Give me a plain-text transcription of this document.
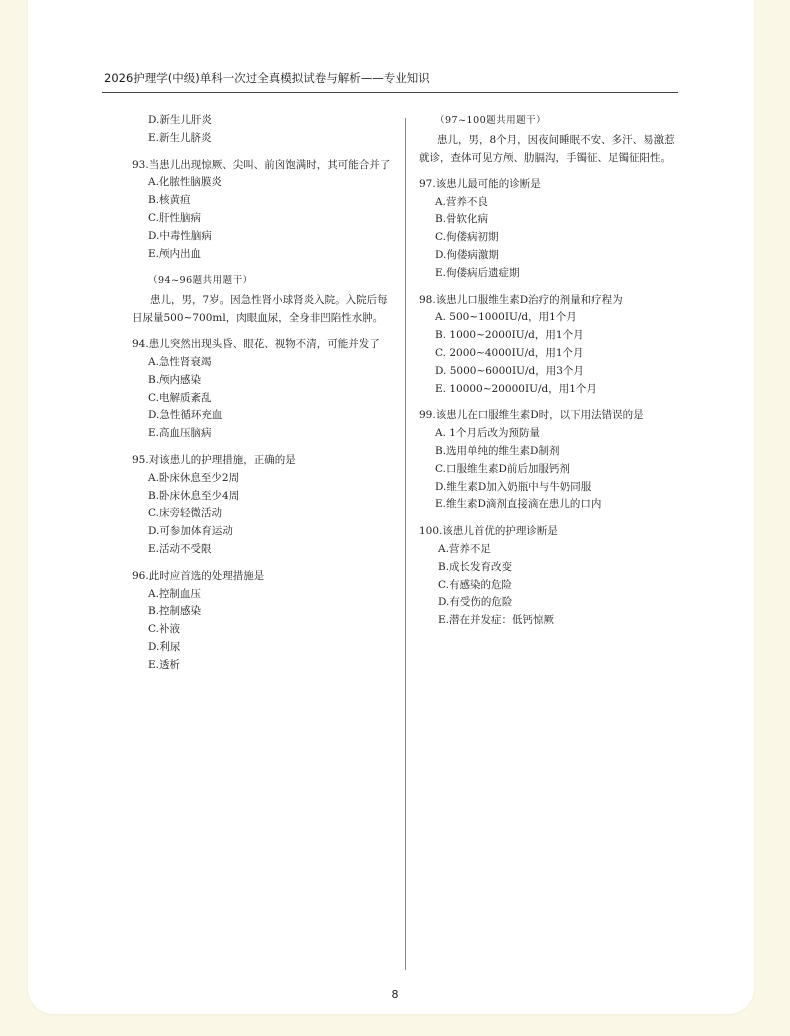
2026护理学(中级)单科一次过全真模拟试卷与解析——专业知识
D.新生儿肝炎
E.新生儿脐炎
93.当患儿出现惊厥、尖叫、前囟饱满时，其可能合并了
A.化脓性脑膜炎
B.核黄疸
C.肝性脑病
D.中毒性脑病
E.颅内出血
（94~96题共用题干）
患儿，男，7岁。因急性肾小球肾炎入院。入院后每日尿量500~700ml，肉眼血尿，全身非凹陷性水肿。
94.患儿突然出现头昏、眼花、视物不清，可能并发了
A.急性肾衰竭
B.颅内感染
C.电解质紊乱
D.急性循环充血
E.高血压脑病
95.对该患儿的护理措施，正确的是
A.卧床休息至少2周
B.卧床休息至少4周
C.床旁轻微活动
D.可参加体育运动
E.活动不受限
96.此时应首选的处理措施是
A.控制血压
B.控制感染
C.补液
D.利尿
E.透析
（97~100题共用题干）
患儿，男，8个月，因夜间睡眠不安、多汗、易激惹就诊，查体可见方颅、肋膈沟，手镯征、足镯征阳性。
97.该患儿最可能的诊断是
A.营养不良
B.骨软化病
C.佝偻病初期
D.佝偻病激期
E.佝偻病后遗症期
98.该患儿口服维生素D治疗的剂量和疗程为
A. 500~1000IU/d，用1个月
B. 1000~2000IU/d，用1个月
C. 2000~4000IU/d，用1个月
D. 5000~6000IU/d，用3个月
E. 10000~20000IU/d，用1个月
99.该患儿在口服维生素D时，以下用法错误的是
A. 1个月后改为预防量
B.选用单纯的维生素D制剂
C.口服维生素D前后加服钙剂
D.维生素D加入奶瓶中与牛奶同服
E.维生素D滴剂直接滴在患儿的口内
100.该患儿首优的护理诊断是
A.营养不足
B.成长发育改变
C.有感染的危险
D.有受伤的危险
E.潜在并发症：低钙惊厥
8
